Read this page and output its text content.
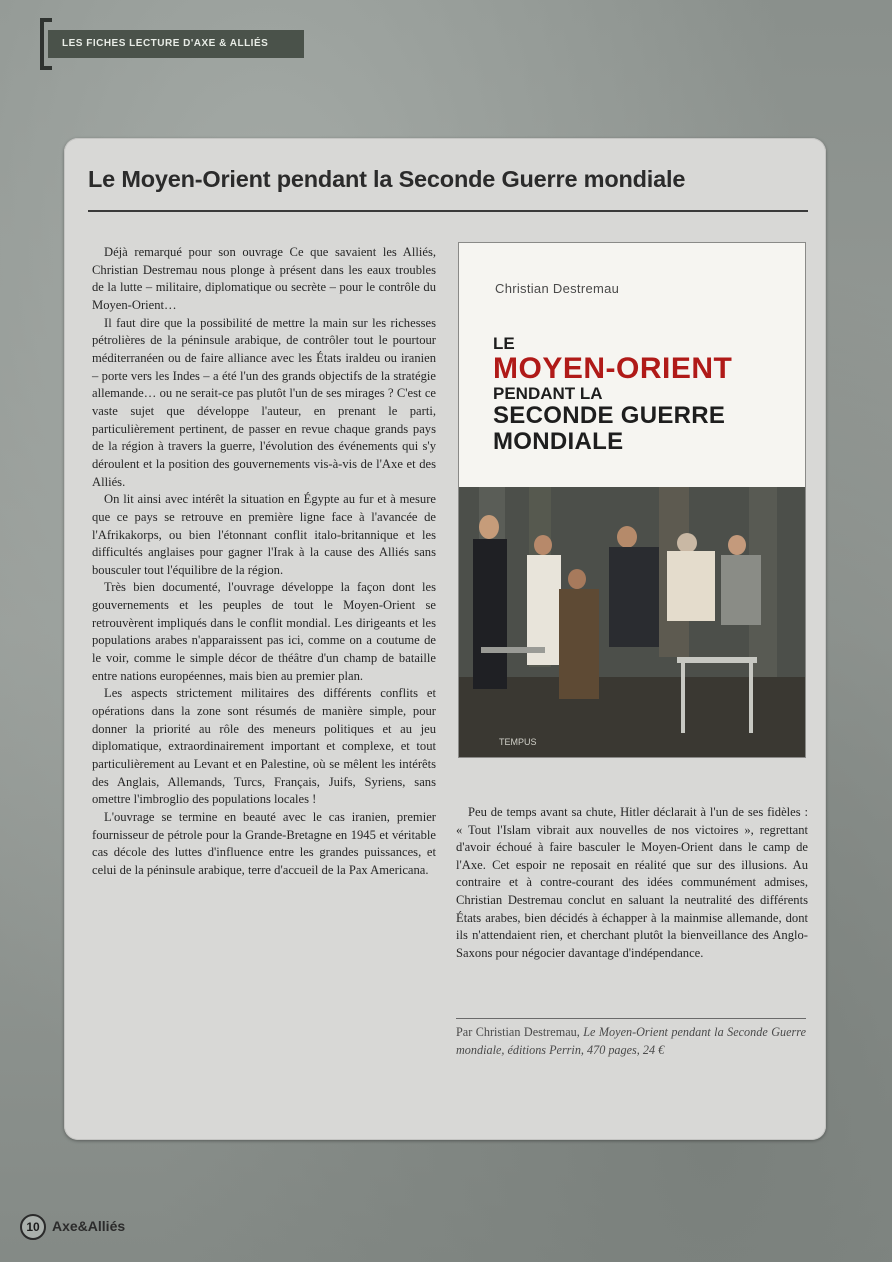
LES FICHES LECTURE D'AXE & ALLIÉS
Le Moyen-Orient pendant la Seconde Guerre mondiale

Déjà remarqué pour son ouvrage Ce que savaient les Alliés, Christian Destremau nous plonge à présent dans les eaux troubles de la lutte – militaire, diplomatique ou secrète – pour le contrôle du Moyen-Orient…

Il faut dire que la possibilité de mettre la main sur les richesses pétrolières de la péninsule arabique, de contrôler tout le pourtour méditerranéen ou de faire alliance avec les États iraldeu ou iranien – porte vers les Indes – a été l'un des grands objectifs de la stratégie allemande… ou ne serait-ce pas plutôt l'un de ses mirages ? C'est ce vaste sujet que développe l'auteur, en prenant le parti, particulièrement pertinent, de passer en revue chaque grands pays de la région à travers la guerre, l'évolution des événements qui s'y déroulent et la position des gouvernements vis-à-vis de l'Axe et des Alliés.

On lit ainsi avec intérêt la situation en Égypte au fur et à mesure que ce pays se retrouve en première ligne face à l'avancée de l'Afrikakorps, ou bien l'étonnant conflit italo-britannique et les difficultés anglaises pour gagner l'Irak à la cause des Alliés sans bousculer tout l'équilibre de la région.

Très bien documenté, l'ouvrage développe la façon dont les gouvernements et les peuples de tout le Moyen-Orient se retrouvèrent impliqués dans le conflit mondial. Les dirigeants et les populations arabes n'apparaissent pas ici, comme on a coutume de le voir, comme le simple décor de théâtre d'un champ de bataille entre nations européennes, mais bien au premier plan.

Les aspects strictement militaires des différents conflits et opérations dans la zone sont résumés de manière simple, pour donner la priorité au rôle des meneurs politiques et au jeu diplomatique, extraordinairement important et complexe, et tout particulièrement au Levant et en Palestine, où se mêlent les intérêts des Anglais, Allemands, Turcs, Français, Juifs, Syriens, sans omettre l'imbroglio des populations locales !

L'ouvrage se termine en beauté avec le cas iranien, premier fournisseur de pétrole pour la Grande-Bretagne en 1945 et véritable cas décole des luttes d'influence entre les grandes puissances, et celui de la péninsule arabique, terre d'accueil de la Pax Americana.

Christian Destremau
LE
MOYEN-ORIENT
PENDANT LA
SECONDE GUERRE
MONDIALE
TEMPUS

Peu de temps avant sa chute, Hitler déclarait à l'un de ses fidèles : « Tout l'Islam vibrait aux nouvelles de nos victoires », regrettant d'avoir échoué à faire basculer le Moyen-Orient dans le camp de l'Axe. Cet espoir ne reposait en réalité que sur des illusions. Au contraire et à contre-courant des idées communément admises, Christian Destremau conclut en saluant la neutralité des différents États arabes, bien décidés à échapper à la mainmise allemande, dont ils n'attendaient rien, et cherchant plutôt la bienveillance des Anglo-Saxons pour négocier davantage d'indépendance.

Par Christian Destremau, Le Moyen-Orient pendant la Seconde Guerre mondiale, éditions Perrin, 470 pages, 24 €
10 Axe&Alliés
